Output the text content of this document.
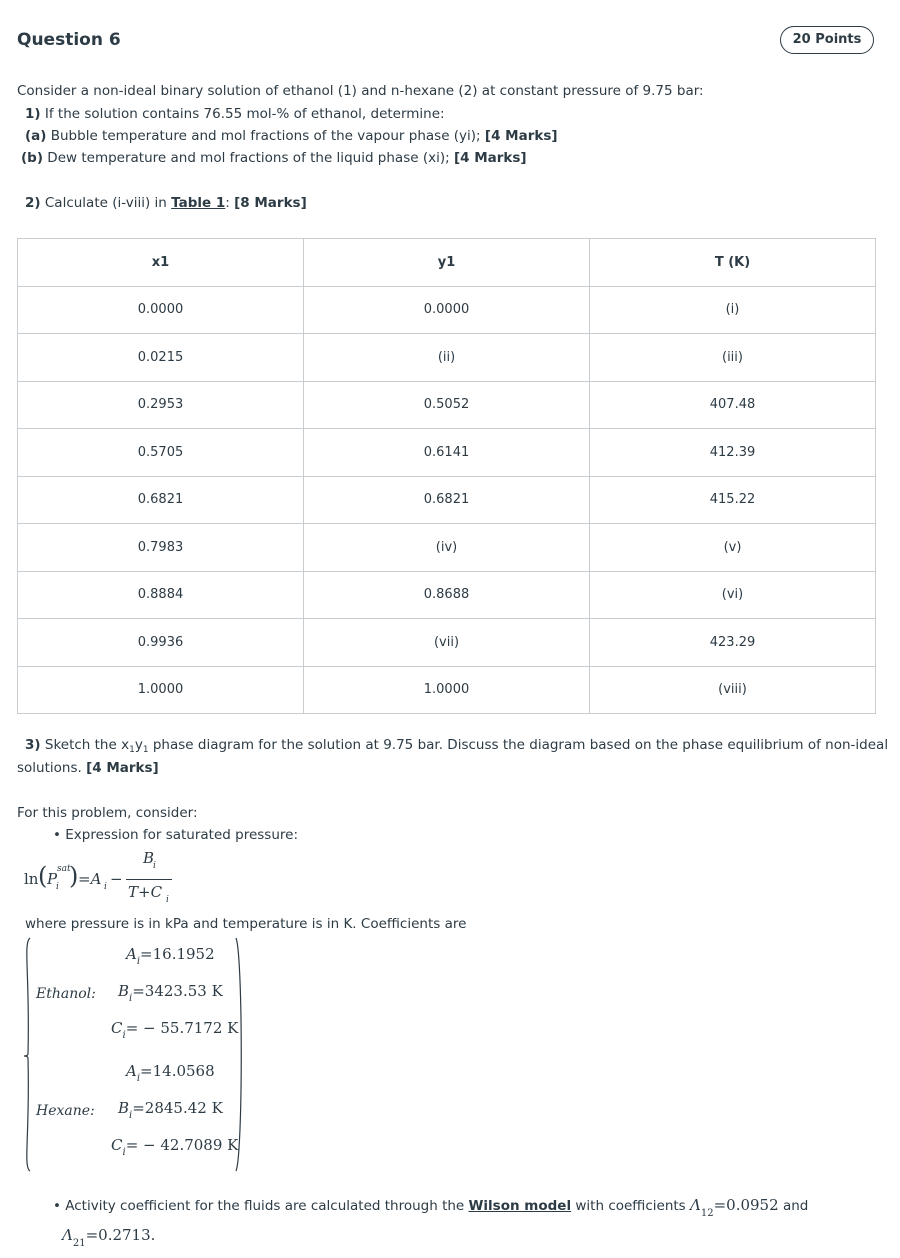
Question 6	20 Points
Consider a non-ideal binary solution of ethanol (1) and n-hexane (2) at constant pressure of 9.75 bar:
1) If the solution contains 76.55 mol-% of ethanol, determine:
(a) Bubble temperature and mol fractions of the vapour phase (yi); [4 Marks]
(b) Dew temperature and mol fractions of the liquid phase (xi); [4 Marks]
2) Calculate (i-viii) in Table 1: [8 Marks]
x1	y1	T (K)
0.0000	0.0000	(i)
0.0215	(ii)	(iii)
0.2953	0.5052	407.48
0.5705	0.6141	412.39
0.6821	0.6821	415.22
0.7983	(iv)	(v)
0.8884	0.8688	(vi)
0.9936	(vii)	423.29
1.0000	1.0000	(viii)
3) Sketch the $x_1y_1$ phase diagram for the solution at 9.75 bar. Discuss the diagram based on the phase equilibrium of non-ideal
solutions. [4 Marks]
For this problem, consider:
• Expression for saturated pressure:
ln ( P
sat
i ) =A i −
B
i
T+C i
where pressure is in kPa and temperature is in K. Coefficients are
Ethanol:
Hexane:
$A_i=16.1952$
$B_i=3423.53$ K
$C_i= - 55.7172$ K
$A_i=14.0568$
$B_i=2845.42$ K
$C_i= - 42.7089$ K
• Activity coefficient for the fluids are calculated through the Wilson model with coefficients $\Lambda_{12}=0.0952$ and
$\Lambda_{21}=0.2713$.
